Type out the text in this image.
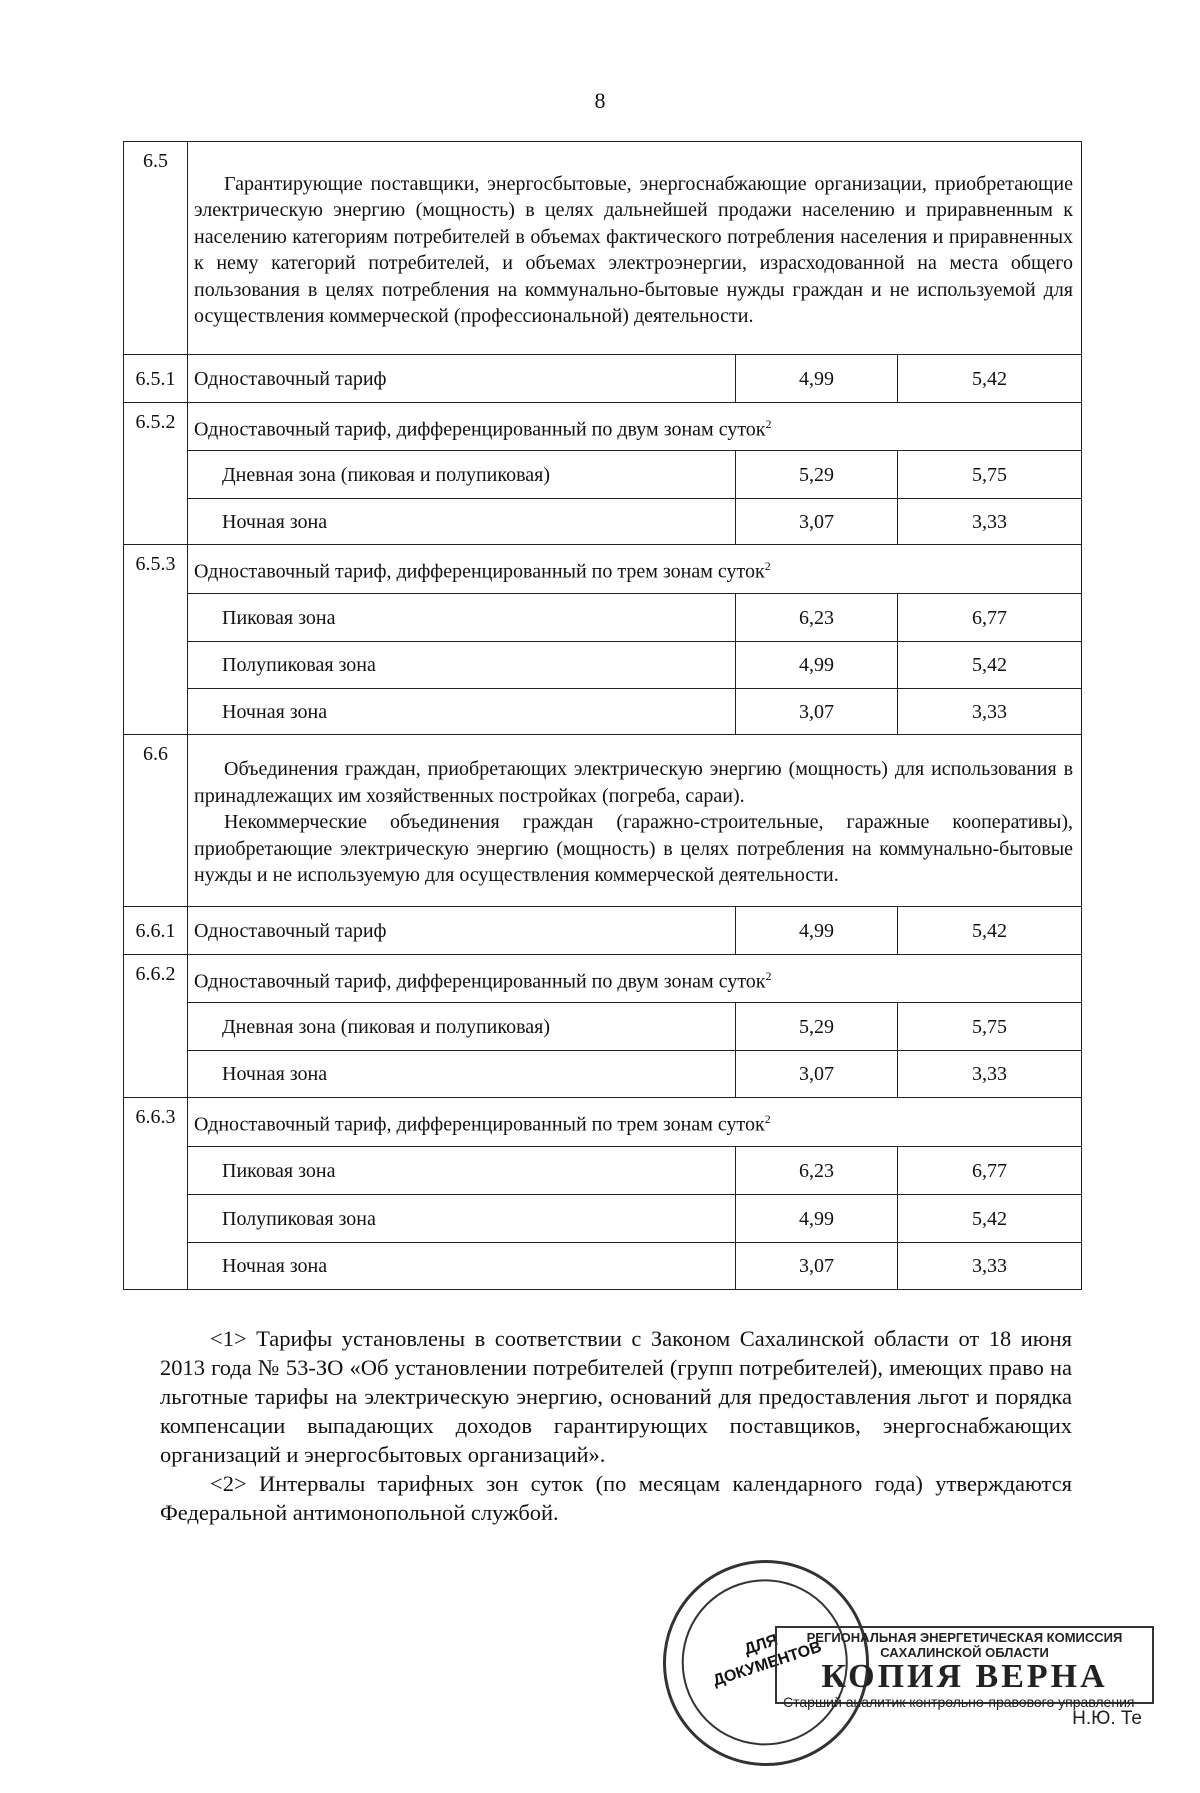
8
6.5	Гарантирующие поставщики, энергосбытовые, энергоснабжающие организации, приобретающие электрическую энергию (мощность) в целях дальнейшей продажи населению и приравненным к населению категориям потребителей в объемах фактического потребления населения и приравненных к нему категорий потребителей, и объемах электроэнергии, израсходованной на места общего пользования в целях потребления на коммунально-бытовые нужды граждан и не используемой для осуществления коммерческой (профессиональной) деятельности.		

6.5.1	Одноставочный тариф	4,99	5,42
6.5.2	Одноставочный тариф, дифференцированный по двум зонам суток$^2$
	Дневная зона (пиковая и полупиковая)	5,29	5,75
	Ночная зона	3,07	3,33
6.5.3	Одноставочный тариф, дифференцированный по трем зонам суток$^2$
	Пиковая зона	6,23	6,77
	Полупиковая зона	4,99	5,42
	Ночная зона	3,07	3,33
6.6	Объединения граждан, приобретающих электрическую энергию (мощность) для использования в принадлежащих им хозяйственных постройках (погреба, сараи).

Некоммерческие объединения граждан (гаражно-строительные, гаражные кооперативы), приобретающие электрическую энергию (мощность) в целях потребления на коммунально-бытовые нужды и не используемую для осуществления коммерческой деятельности.		

6.6.1	Одноставочный тариф	4,99	5,42
6.6.2	Одноставочный тариф, дифференцированный по двум зонам суток$^2$
	Дневная зона (пиковая и полупиковая)	5,29	5,75
	Ночная зона	3,07	3,33
6.6.3	Одноставочный тариф, дифференцированный по трем зонам суток$^2$
	Пиковая зона	6,23	6,77
	Полупиковая зона	4,99	5,42
	Ночная зона	3,07	3,33

<1> Тарифы установлены в соответствии с Законом Сахалинской области от 18 июня 2013 года № 53-ЗО «Об установлении потребителей (групп потребителей), имеющих право на льготные тарифы на электрическую энергию, оснований для предоставления льгот и порядка компенсации выпадающих доходов гарантирующих поставщиков, энергоснабжающих организаций и энергосбытовых организаций».

<2> Интервалы тарифных зон суток (по месяцам календарного года) утверждаются Федеральной антимонопольной службой.

ДЛЯ ДОКУМЕНТОВ
РЕГИОНАЛЬНАЯ ЭНЕРГЕТИЧЕСКАЯ КОМИССИЯ САХАЛИНСКОЙ ОБЛАСТИ
КОПИЯ ВЕРНА
Старший аналитик контрольно-правового управления
Н.Ю. Те
